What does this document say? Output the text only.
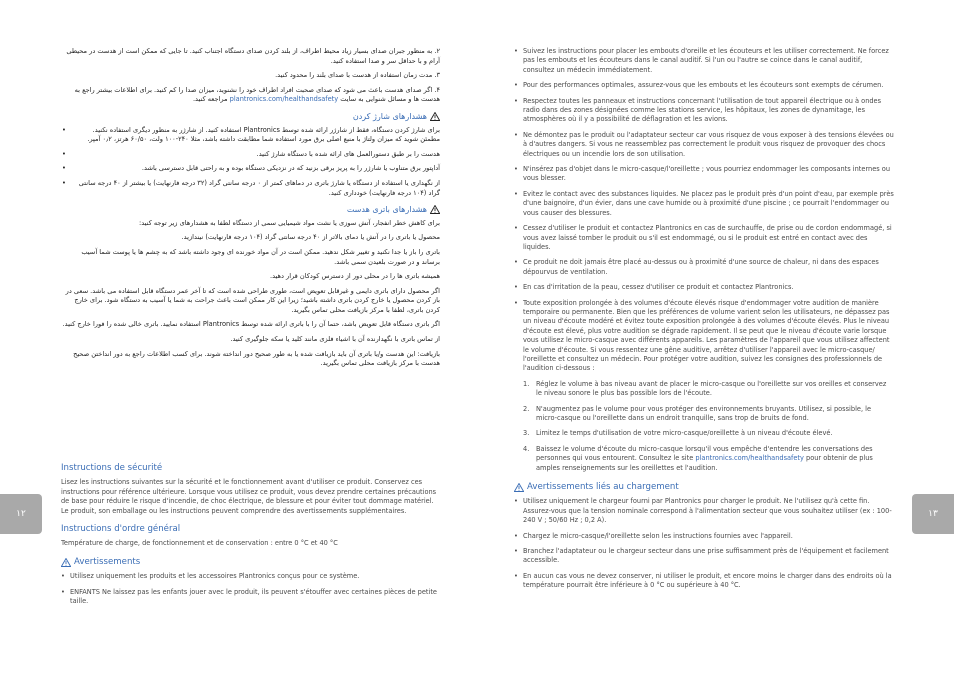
۲. به منظور جبران صدای بسیار زیاد محیط اطراف، از بلند کردن صدای دستگاه اجتناب کنید. تا جایی که ممکن است از هدست در محیطی آرام و با حداقل سر و صدا استفاده کنید.

۳. مدت زمان استفاده از هدست با صدای بلند را محدود کنید.

۴. اگر صدای هدست باعث می شود که صدای صحبت افراد اطراف خود را نشنوید، میزان صدا را کم کنید. برای اطلاعات بیشتر راجع به هدست ها و مسائل شنوایی به سایت plantronics.com/healthandsafety مراجعه کنید.

هشدارهای شارژ کردن

• برای شارژ کردن دستگاه، فقط از شارژر ارائه شده توسط Plantronics استفاده کنید. از شارژر به منظور دیگری استفاده نکنید. مطمئن شوید که میزان ولتاژ با منبع اصلی برق مورد استفاده شما مطابقت داشته باشد، مثلا ۲۴۰-۱۰۰ ولت، ۶۰/۵۰ هرتز، ۰٫۲ آمپر.

• هدست را بر طبق دستورالعمل های ارائه شده با دستگاه شارژ کنید.

• آداپتور برق متناوب یا شارژر را به پریز برقی بزنید که در نزدیکی دستگاه بوده و به راحتی قابل دسترسی باشد.

• از نگهداری یا استفاده از دستگاه یا شارژ باتری در دماهای کمتر از ۰ درجه سانتی گراد (۳۲ درجه فارنهایت) یا بیشتر از ۴۰ درجه سانتی گراد (۱۰۴ درجه فارنهایت) خودداری کنید.

هشدارهای باتری هدست

برای کاهش خطر انفجار، آتش سوزی یا نشت مواد شیمیایی سمی از دستگاه لطفا به هشدارهای زیر توجه کنید:

محصول یا باتری را در آتش یا دمای بالاتر از ۴۰ درجه سانتی گراد (۱۰۴ درجه فارنهایت) نیندازید.

باتری را باز یا جدا نکنید و تغییر شکل ندهید. ممکن است در آن مواد خورنده ای وجود داشته باشد که به چشم ها یا پوست شما آسیب برساند و در صورت بلعیدن سمی باشد.

همیشه باتری ها را در محلی دور از دسترس کودکان قرار دهید.

اگر محصول دارای باتری دایمی و غیرقابل تعویض است، طوری طراحی شده است که تا آخر عمر دستگاه قابل استفاده می باشد. سعی در باز کردن محصول یا خارج کردن باتری داشته باشید؛ زیرا این کار ممکن است باعث جراحت به شما یا آسیب به دستگاه شود. برای خارج کردن باتری، لطفا با مرکز بازیافت محلی تماس بگیرید.

اگر باتری دستگاه قابل تعویض باشد، حتما آن را با باتری ارائه شده توسط Plantronics استفاده نمایید. باتری خالی شده را فورا خارج کنید.

از تماس باتری با نگهدارنده آن با اشیاء فلزی مانند کلید یا سکه جلوگیری کنید.

بازیافت: این هدست و/یا باتری آن باید بازیافت شده یا به طور صحیح دور انداخته شوند. برای کسب اطلاعات راجع به دور انداختن صحیح هدست با مرکز بازیافت محلی تماس بگیرید.

Instructions de sécurité

Lisez les instructions suivantes sur la sécurité et le fonctionnement avant d'utiliser ce produit. Conservez ces instructions pour référence ultérieure. Lorsque vous utilisez ce produit, vous devez prendre certaines précautions de base pour réduire le risque d'incendie, de choc électrique, de blessure et pour éviter tout dommage matériel. Le produit, son emballage ou les instructions peuvent comprendre des avertissements supplémentaires.

Instructions d'ordre général

Température de charge, de fonctionnement et de conservation : entre 0 °C et 40 °C

Avertissements

• Utilisez uniquement les produits et les accessoires Plantronics conçus pour ce système.

• ENFANTS Ne laissez pas les enfants jouer avec le produit, ils peuvent s'étouffer avec certaines pièces de petite taille.

۱۲

• Suivez les instructions pour placer les embouts d'oreille et les écouteurs et les utiliser correctement. Ne forcez pas les embouts et les écouteurs dans le canal auditif. Si l'un ou l'autre se coince dans le canal auditif, consultez un médecin immédiatement.

• Pour des performances optimales, assurez-vous que les embouts et les écouteurs sont exempts de cérumen.

• Respectez toutes les panneaux et instructions concernant l'utilisation de tout appareil électrique ou à ondes radio dans des zones désignées comme les stations service, les hôpitaux, les zones de dynamitage, les atmosphères où il y a possibilité de déflagration et les avions.

• Ne démontez pas le produit ou l'adaptateur secteur car vous risquez de vous exposer à des tensions élevées ou à d'autres dangers. Si vous ne reassemblez pas correctement le produit vous risquez de provoquer des chocs électriques ou un incendie lors de son utilisation.

• N'insérez pas d'objet dans le micro-casque/l'oreillette ; vous pourriez endommager les composants internes ou vous blesser.

• Evitez le contact avec des substances liquides. Ne placez pas le produit près d'un point d'eau, par exemple près d'une baignoire, d'un évier, dans une cave humide ou à proximité d'une piscine ; ce pourrait l'endommager ou vous causer des blessures.

• Cessez d'utiliser le produit et contactez Plantronics en cas de surchauffe, de prise ou de cordon endommagé, si vous avez laissé tomber le produit ou s'il est endommagé, ou si le produit est entré en contact avec des liquides.

• Ce produit ne doit jamais être placé au-dessus ou à proximité d'une source de chaleur, ni dans des espaces dépourvus de ventilation.

• En cas d'irritation de la peau, cessez d'utiliser ce produit et contactez Plantronics.

• Toute exposition prolongée à des volumes d'écoute élevés risque d'endommager votre audition de manière temporaire ou permanente. Bien que les préférences de volume varient selon les utilisateurs, ne dépassez pas un niveau d'écoute modéré et évitez toute exposition prolongée à des volumes d'écoute élevés. Plus le niveau d'écoute est élevé, plus votre audition se dégrade rapidement. Il se peut que le niveau d'écoute varie lorsque vous utilisez le micro-casque avec différents appareils. Les paramètres de l'appareil que vous utilisez affectent le volume d'écoute. Si vous ressentez une gêne auditive, arrêtez d'utiliser l'appareil avec le micro-casque/ l'oreillette et consultez un médecin. Pour protéger votre audition, suivez les consignes des professionnels de l'audition ci-dessous :

1. Réglez le volume à bas niveau avant de placer le micro-casque ou l'oreillette sur vos oreilles et conservez le niveau sonore le plus bas possible lors de l'écoute.

2. N'augmentez pas le volume pour vous protéger des environnements bruyants. Utilisez, si possible, le micro-casque ou l'oreillette dans un endroit tranquille, sans trop de bruits de fond.

3. Limitez le temps d'utilisation de votre micro-casque/oreillette à un niveau d'écoute élevé.

4. Baissez le volume d'écoute du micro-casque lorsqu'il vous empêche d'entendre les conversations des personnes qui vous entourent. Consultez le site plantronics.com/healthandsafety pour obtenir de plus amples renseignements sur les oreillettes et l'audition.

Avertissements liés au chargement

• Utilisez uniquement le chargeur fourni par Plantronics pour charger le produit. Ne l'utilisez qu'à cette fin. Assurez-vous que la tension nominale correspond à l'alimentation secteur que vous souhaitez utiliser (ex : 100-240 V ; 50/60 Hz ; 0,2 A).

• Chargez le micro-casque/l'oreillette selon les instructions fournies avec l'appareil.

• Branchez l'adaptateur ou le chargeur secteur dans une prise suffisamment près de l'équipement et facilement accessible.

• En aucun cas vous ne devez conserver, ni utiliser le produit, et encore moins le charger dans des endroits où la température pourrait être inférieure à 0 °C ou supérieure à 40 °C.

۱۳
